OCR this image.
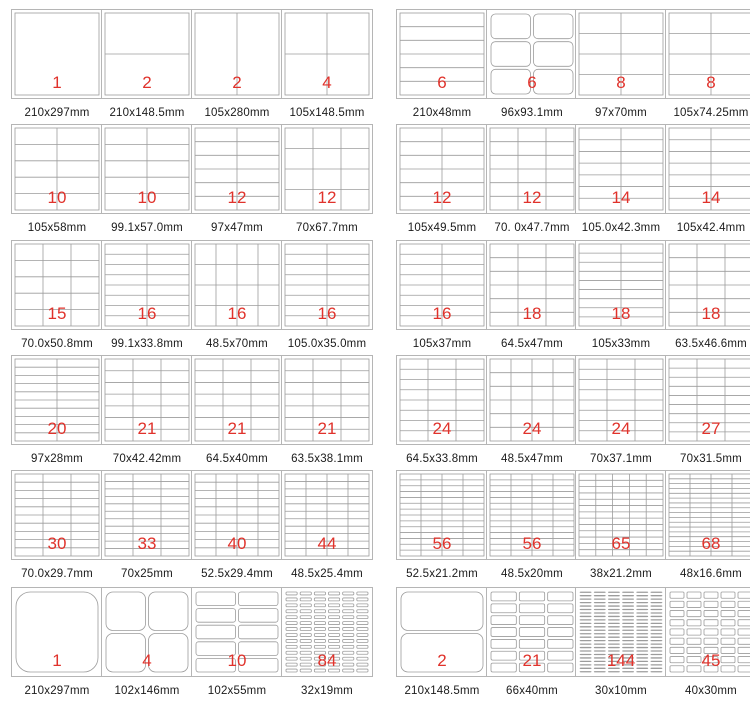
1
210x297mm
2
210x148.5mm
2
105x280mm
4
105x148.5mm
6
210x48mm
6
96x93.1mm
8
97x70mm
8
105x74.25mm
10
105x58mm
10
99.1x57.0mm
12
97x47mm
12
70x67.7mm
12
105x49.5mm
12
70. 0x47.7mm
14
105.0x42.3mm
14
105x42.4mm
15
70.0x50.8mm
16
99.1x33.8mm
16
48.5x70mm
16
105.0x35.0mm
16
105x37mm
18
64.5x47mm
18
105x33mm
18
63.5x46.6mm
20
97x28mm
21
70x42.42mm
21
64.5x40mm
21
63.5x38.1mm
24
64.5x33.8mm
24
48.5x47mm
24
70x37.1mm
27
70x31.5mm
30
70.0x29.7mm
33
70x25mm
40
52.5x29.4mm
44
48.5x25.4mm
56
52.5x21.2mm
56
48.5x20mm
65
38x21.2mm
68
48x16.6mm
1
210x297mm
4
102x146mm
10
102x55mm
84
32x19mm
2
210x148.5mm
21
66x40mm
144
30x10mm
45
40x30mm
